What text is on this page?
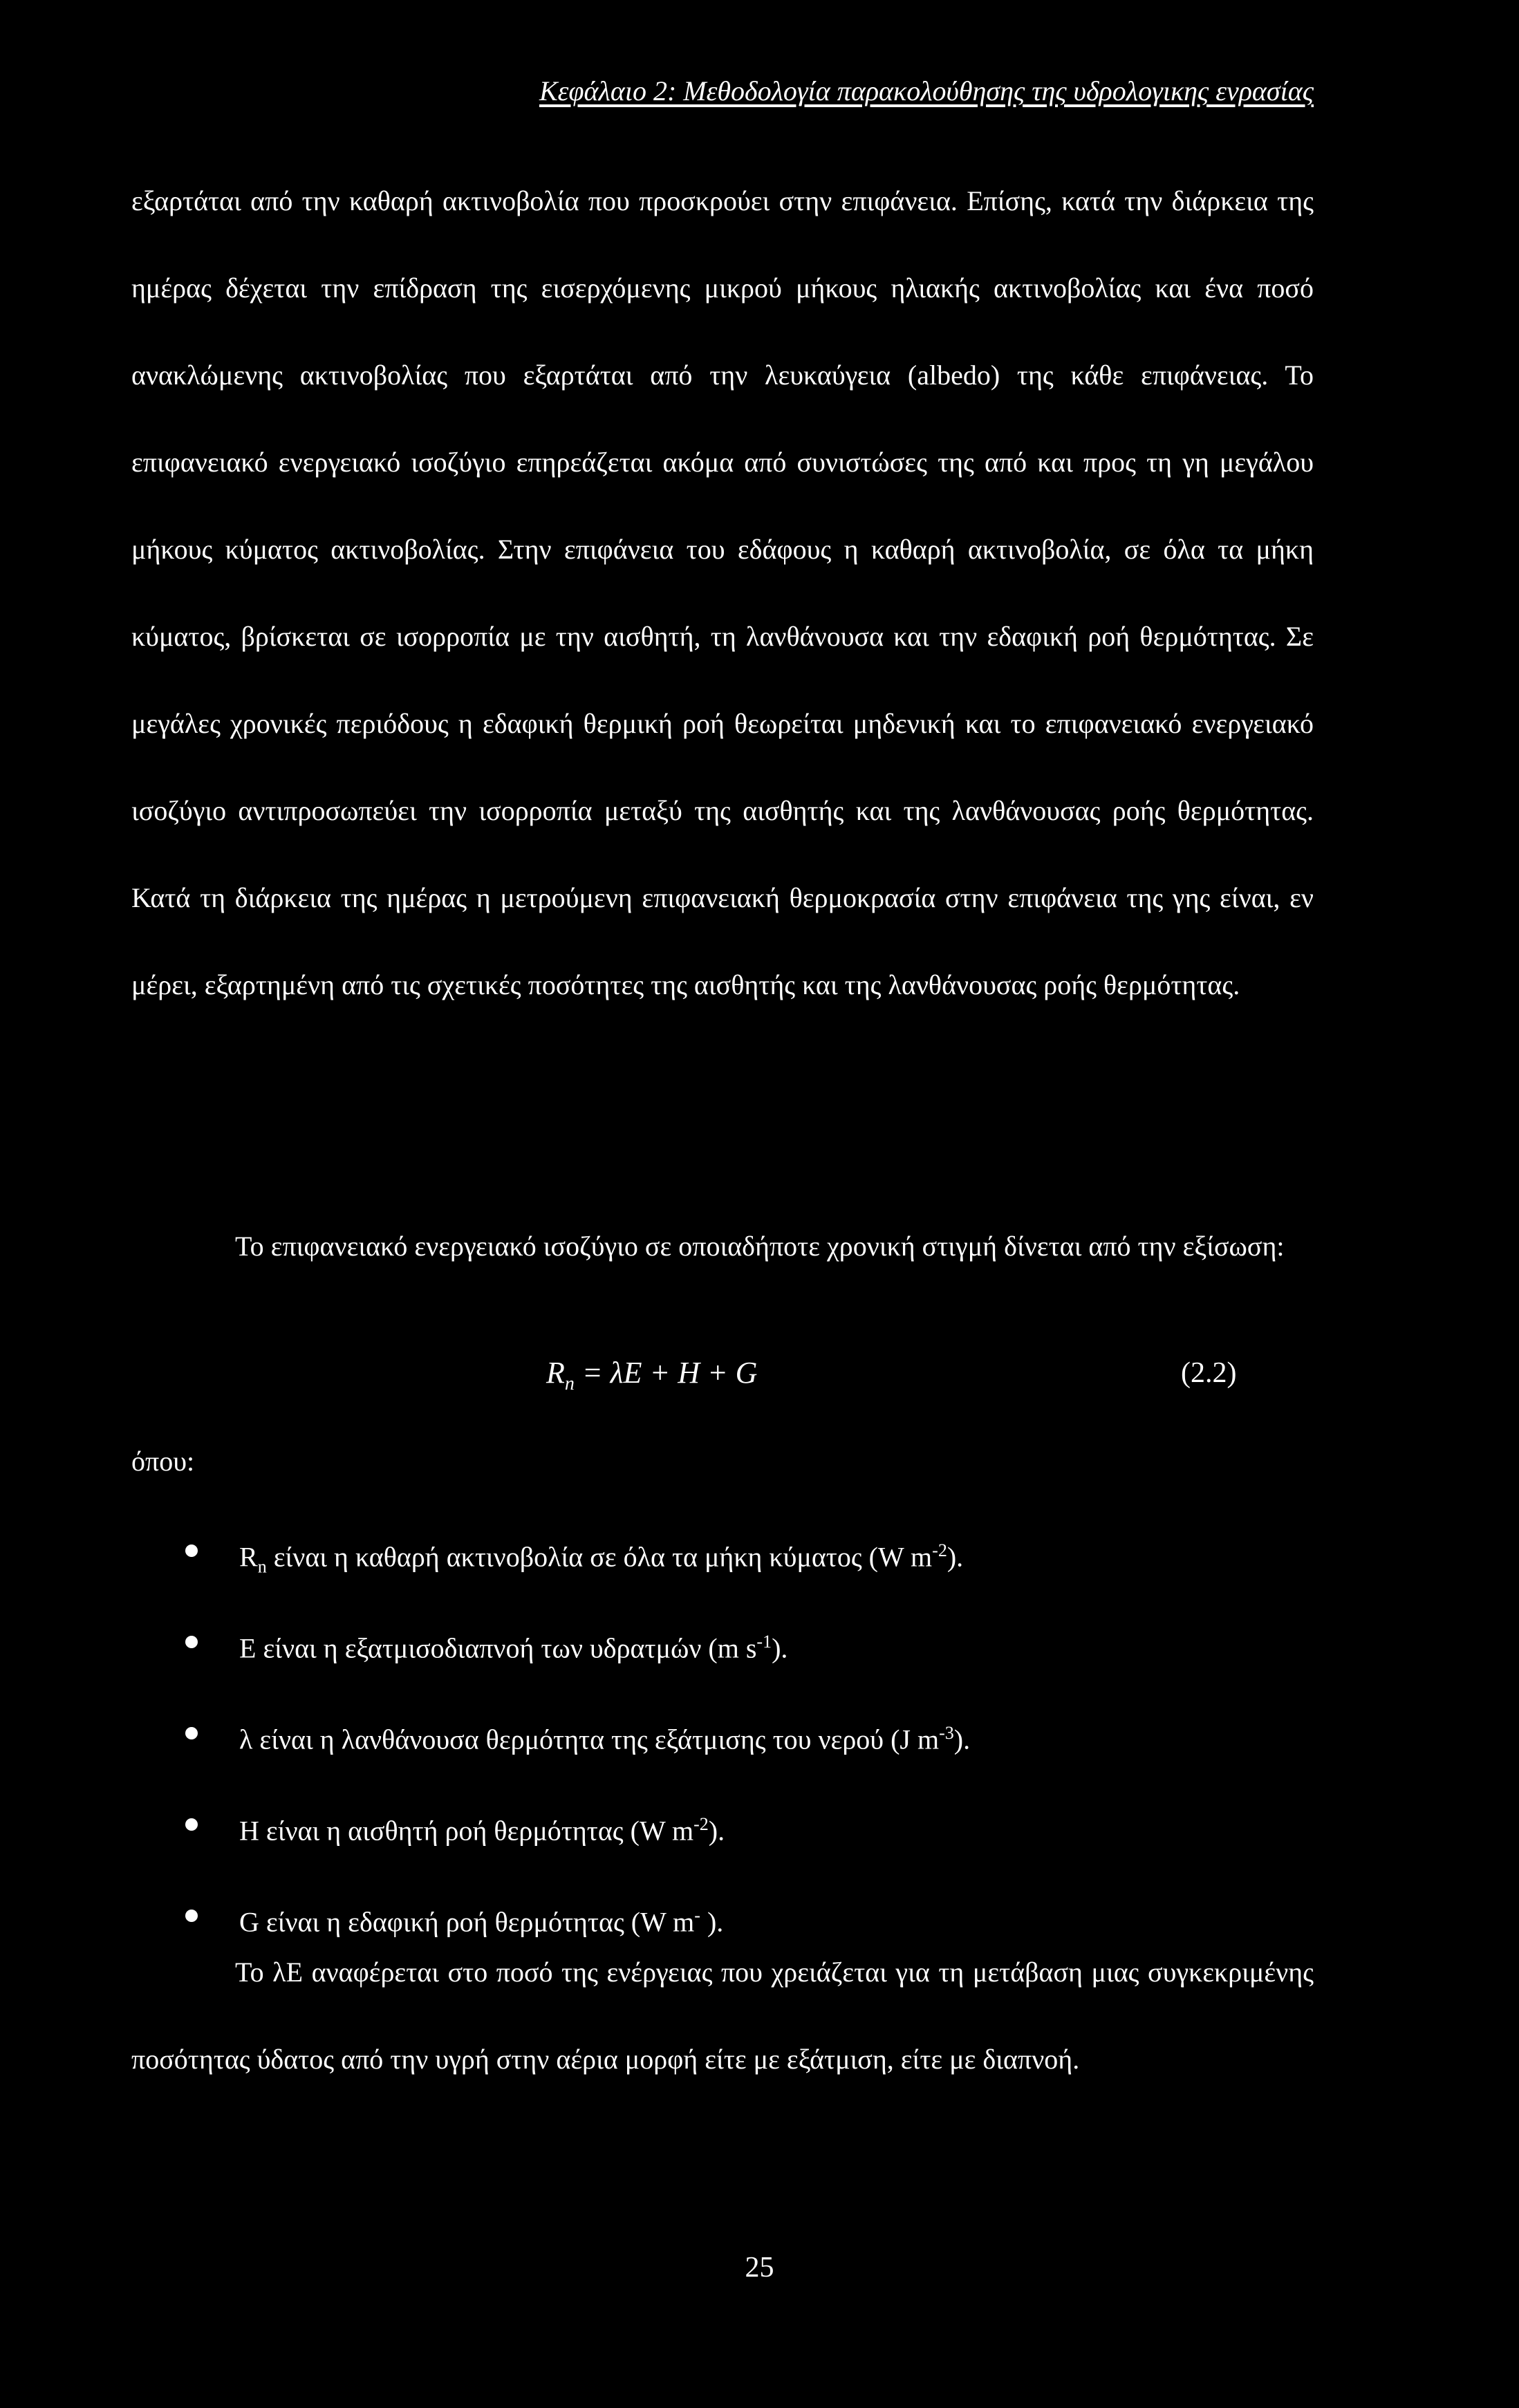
Κεφάλαιο 2: Μεθοδολογία παρακολούθησης της υδρολογικης ενρασίας
εξαρτάται από την καθαρή ακτινοβολία που προσκρούει στην επιφάνεια. Επίσης, κατά την διάρκεια της ημέρας δέχεται την επίδραση της εισερχόμενης μικρού μήκους ηλιακής ακτινοβολίας και ένα ποσό ανακλώμενης ακτινοβολίας που εξαρτάται από την λευκαύγεια (albedo) της κάθε επιφάνειας. Το επιφανειακό ενεργειακό ισοζύγιο επηρεάζεται ακόμα από συνιστώσες της από και προς τη γη μεγάλου μήκους κύματος ακτινοβολίας. Στην επιφάνεια του εδάφους η καθαρή ακτινοβολία, σε όλα τα μήκη κύματος, βρίσκεται σε ισορροπία με την αισθητή, τη λανθάνουσα και την εδαφική ροή θερμότητας. Σε μεγάλες χρονικές περιόδους η εδαφική θερμική ροή θεωρείται μηδενική και το επιφανειακό ενεργειακό ισοζύγιο αντιπροσωπεύει την ισορροπία μεταξύ της αισθητής και της λανθάνουσας ροής θερμότητας. Κατά τη διάρκεια της ημέρας η μετρούμενη επιφανειακή θερμοκρασία στην επιφάνεια της γης είναι, εν μέρει, εξαρτημένη από τις σχετικές ποσότητες της αισθητής και της λανθάνουσας ροής θερμότητας.
Το επιφανειακό ενεργειακό ισοζύγιο σε οποιαδήποτε χρονική στιγμή δίνεται από την εξίσωση:
$R_n = \lambda E + H + G$	(2.2)
όπου:
$R_n$ είναι η καθαρή ακτινοβολία σε όλα τα μήκη κύματος (W $m^{-2}$).
E είναι η εξατμισοδιαπνοή των υδρατμών (m $s^{-1}$).
λ είναι η λανθάνουσα θερμότητα της εξάτμισης του νερού (J $m^{-3}$).
H είναι η αισθητή ροή θερμότητας (W $m^{-2}$).
G είναι η εδαφική ροή θερμότητας (W m- ).
Το λE αναφέρεται στο ποσό της ενέργειας που χρειάζεται για τη μετάβαση μιας συγκεκριμένης ποσότητας ύδατος από την υγρή στην αέρια μορφή είτε με εξάτμιση, είτε με διαπνοή.
25
